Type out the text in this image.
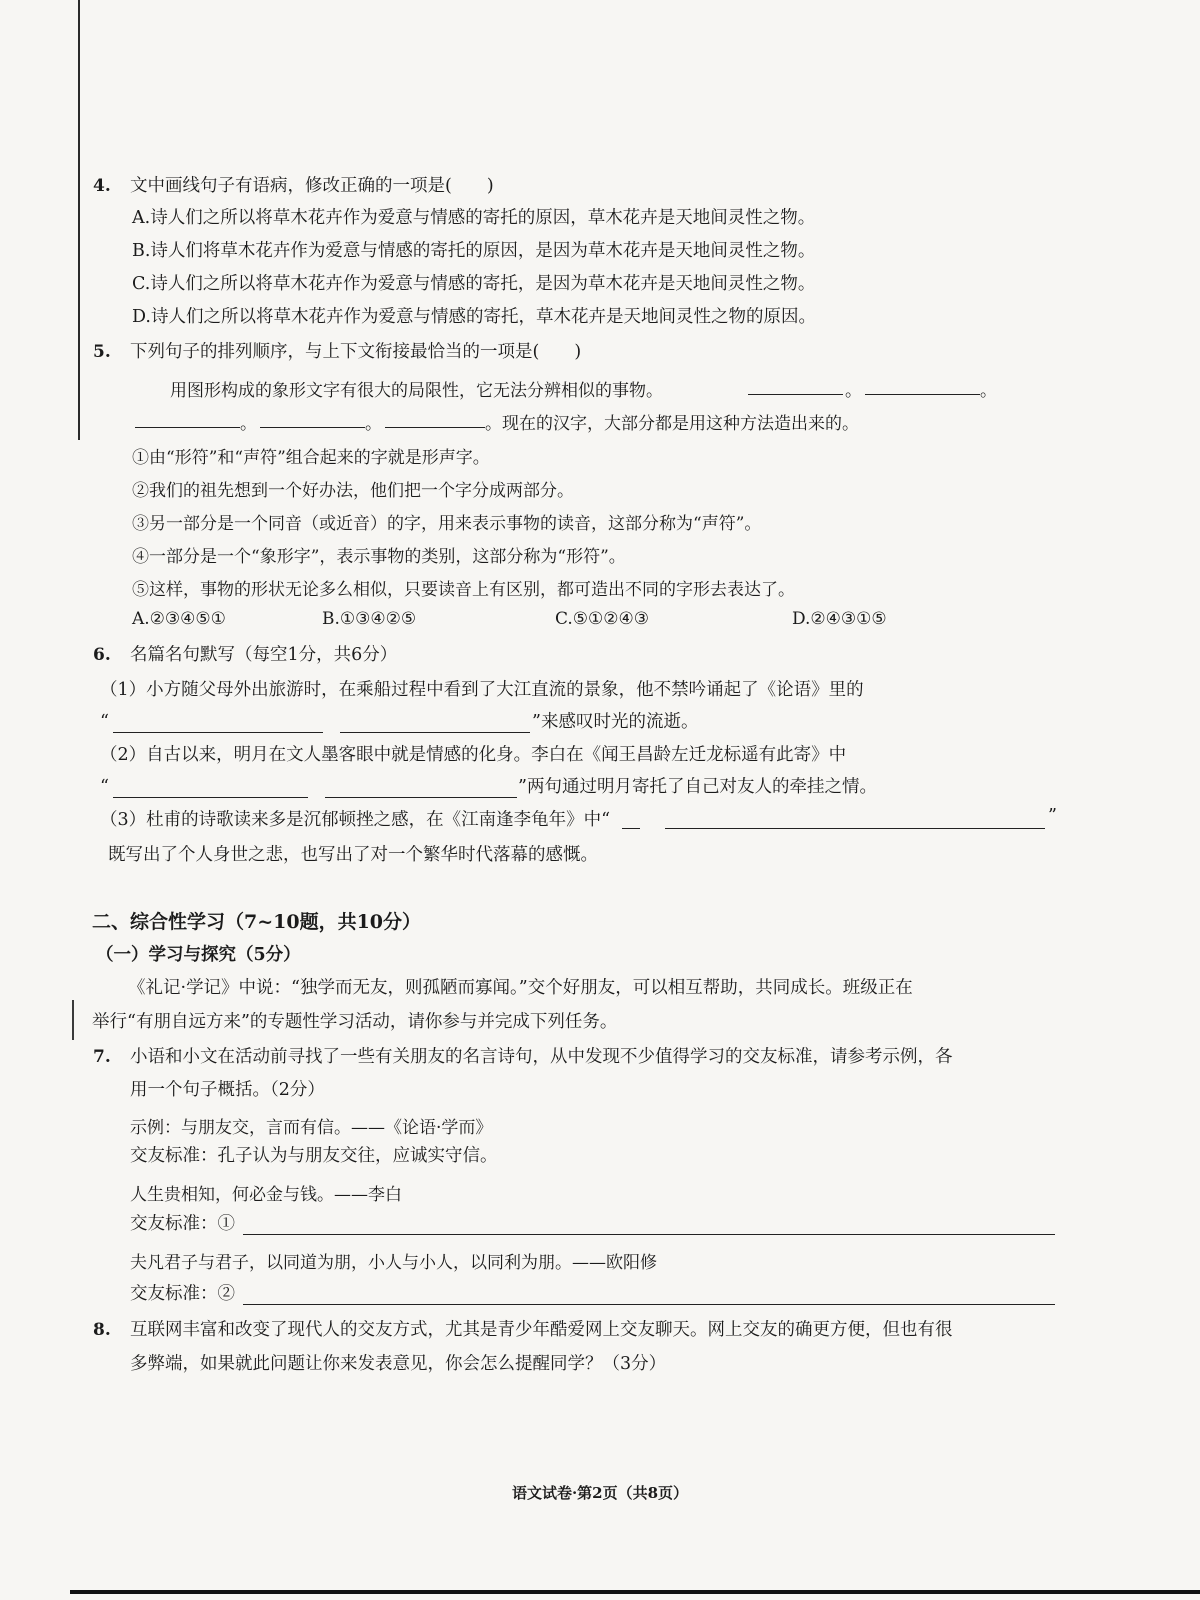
4. 文中画线句子有语病，修改正确的一项是(　　)
A.诗人们之所以将草木花卉作为爱意与情感的寄托的原因，草木花卉是天地间灵性之物。
B.诗人们将草木花卉作为爱意与情感的寄托的原因，是因为草木花卉是天地间灵性之物。
C.诗人们之所以将草木花卉作为爱意与情感的寄托，是因为草木花卉是天地间灵性之物。
D.诗人们之所以将草木花卉作为爱意与情感的寄托，草木花卉是天地间灵性之物的原因。
5. 下列句子的排列顺序，与上下文衔接最恰当的一项是(　　)
用图形构成的象形文字有很大的局限性，它无法分辨相似的事物。	。	。
。	。	。现在的汉字，大部分都是用这种方法造出来的。
①由“形符”和“声符”组合起来的字就是形声字。
②我们的祖先想到一个好办法，他们把一个字分成两部分。
③另一部分是一个同音（或近音）的字，用来表示事物的读音，这部分称为“声符”。
④一部分是一个“象形字”，表示事物的类别，这部分称为“形符”。
⑤这样，事物的形状无论多么相似，只要读音上有区别，都可造出不同的字形去表达了。
A.②③④⑤①	B.①③④②⑤	C.⑤①②④③	D.②④③①⑤
6. 名篇名句默写（每空1分，共6分）
（1）小方随父母外出旅游时，在乘船过程中看到了大江直流的景象，他不禁吟诵起了《论语》里的
“	”来感叹时光的流逝。
（2）自古以来，明月在文人墨客眼中就是情感的化身。李白在《闻王昌龄左迁龙标遥有此寄》中
“	”两句通过明月寄托了自己对友人的牵挂之情。
（3）杜甫的诗歌读来多是沉郁顿挫之感，在《江南逢李龟年》中“	”
既写出了个人身世之悲，也写出了对一个繁华时代落幕的感慨。
二、综合性学习（7~10题，共10分）
（一）学习与探究（5分）
《礼记·学记》中说：“独学而无友，则孤陋而寡闻。”交个好朋友，可以相互帮助，共同成长。班级正在
举行“有朋自远方来”的专题性学习活动，请你参与并完成下列任务。
7. 小语和小文在活动前寻找了一些有关朋友的名言诗句，从中发现不少值得学习的交友标准，请参考示例，各
用一个句子概括。（2分）
示例：与朋友交，言而有信。——《论语·学而》
交友标准：孔子认为与朋友交往，应诚实守信。
人生贵相知，何必金与钱。——李白
交友标准：①
夫凡君子与君子，以同道为朋，小人与小人，以同利为朋。——欧阳修
交友标准：②
8. 互联网丰富和改变了现代人的交友方式，尤其是青少年酷爱网上交友聊天。网上交友的确更方便，但也有很
多弊端，如果就此问题让你来发表意见，你会怎么提醒同学？（3分）
语文试卷·第2页（共8页）
